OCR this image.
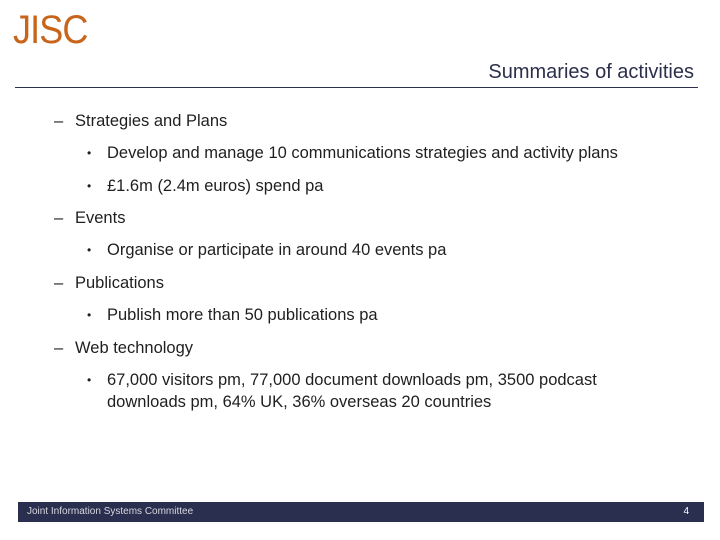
JISC
Summaries of activities
– Strategies and Plans
• Develop and manage 10 communications strategies and activity plans
• £1.6m (2.4m euros) spend pa
– Events
• Organise or participate in around 40 events pa
– Publications
• Publish more than 50 publications pa
– Web technology
• 67,000 visitors pm, 77,000 document downloads pm, 3500 podcast downloads pm, 64% UK, 36% overseas 20 countries
Joint Information Systems Committee	4
